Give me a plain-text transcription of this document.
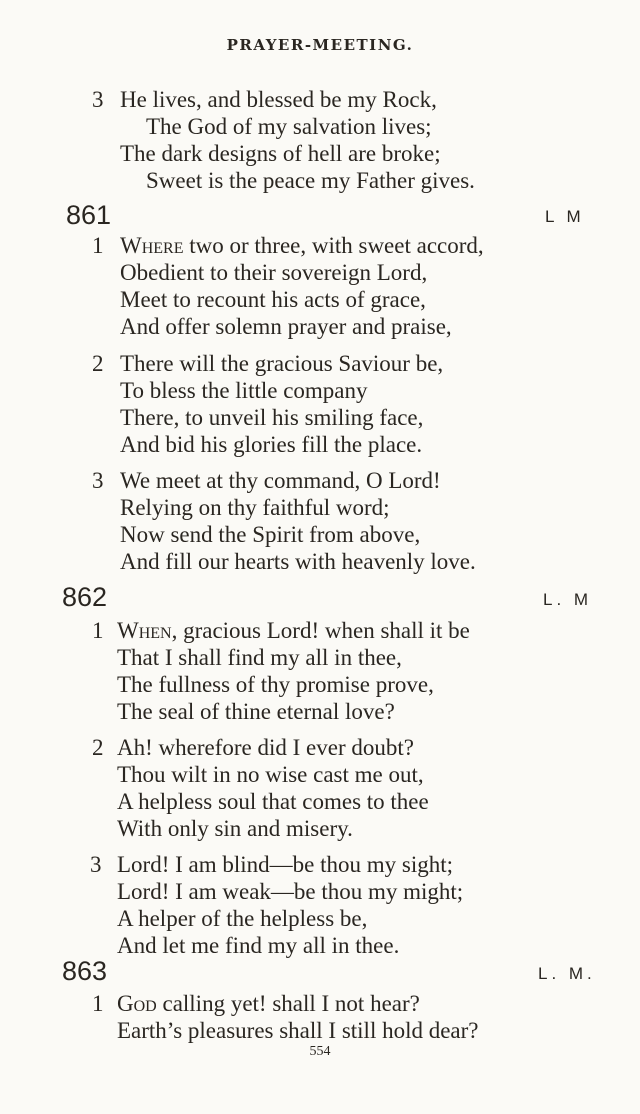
PRAYER-MEETING.
3 He lives, and blessed be my Rock,
The God of my salvation lives;
The dark designs of hell are broke;
Sweet is the peace my Father gives.
861	L M
1 Where two or three, with sweet accord,
Obedient to their sovereign Lord,
Meet to recount his acts of grace,
And offer solemn prayer and praise,
2 There will the gracious Saviour be,
To bless the little company
There, to unveil his smiling face,
And bid his glories fill the place.
3 We meet at thy command, O Lord!
Relying on thy faithful word;
Now send the Spirit from above,
And fill our hearts with heavenly love.
862	L. M
1 When, gracious Lord! when shall it be
That I shall find my all in thee,
The fullness of thy promise prove,
The seal of thine eternal love?
2 Ah! wherefore did I ever doubt?
Thou wilt in no wise cast me out,
A helpless soul that comes to thee
With only sin and misery.
3 Lord! I am blind—be thou my sight;
Lord! I am weak—be thou my might;
A helper of the helpless be,
And let me find my all in thee.
863	L. M.
1 God calling yet! shall I not hear?
Earth’s pleasures shall I still hold dear?
554
